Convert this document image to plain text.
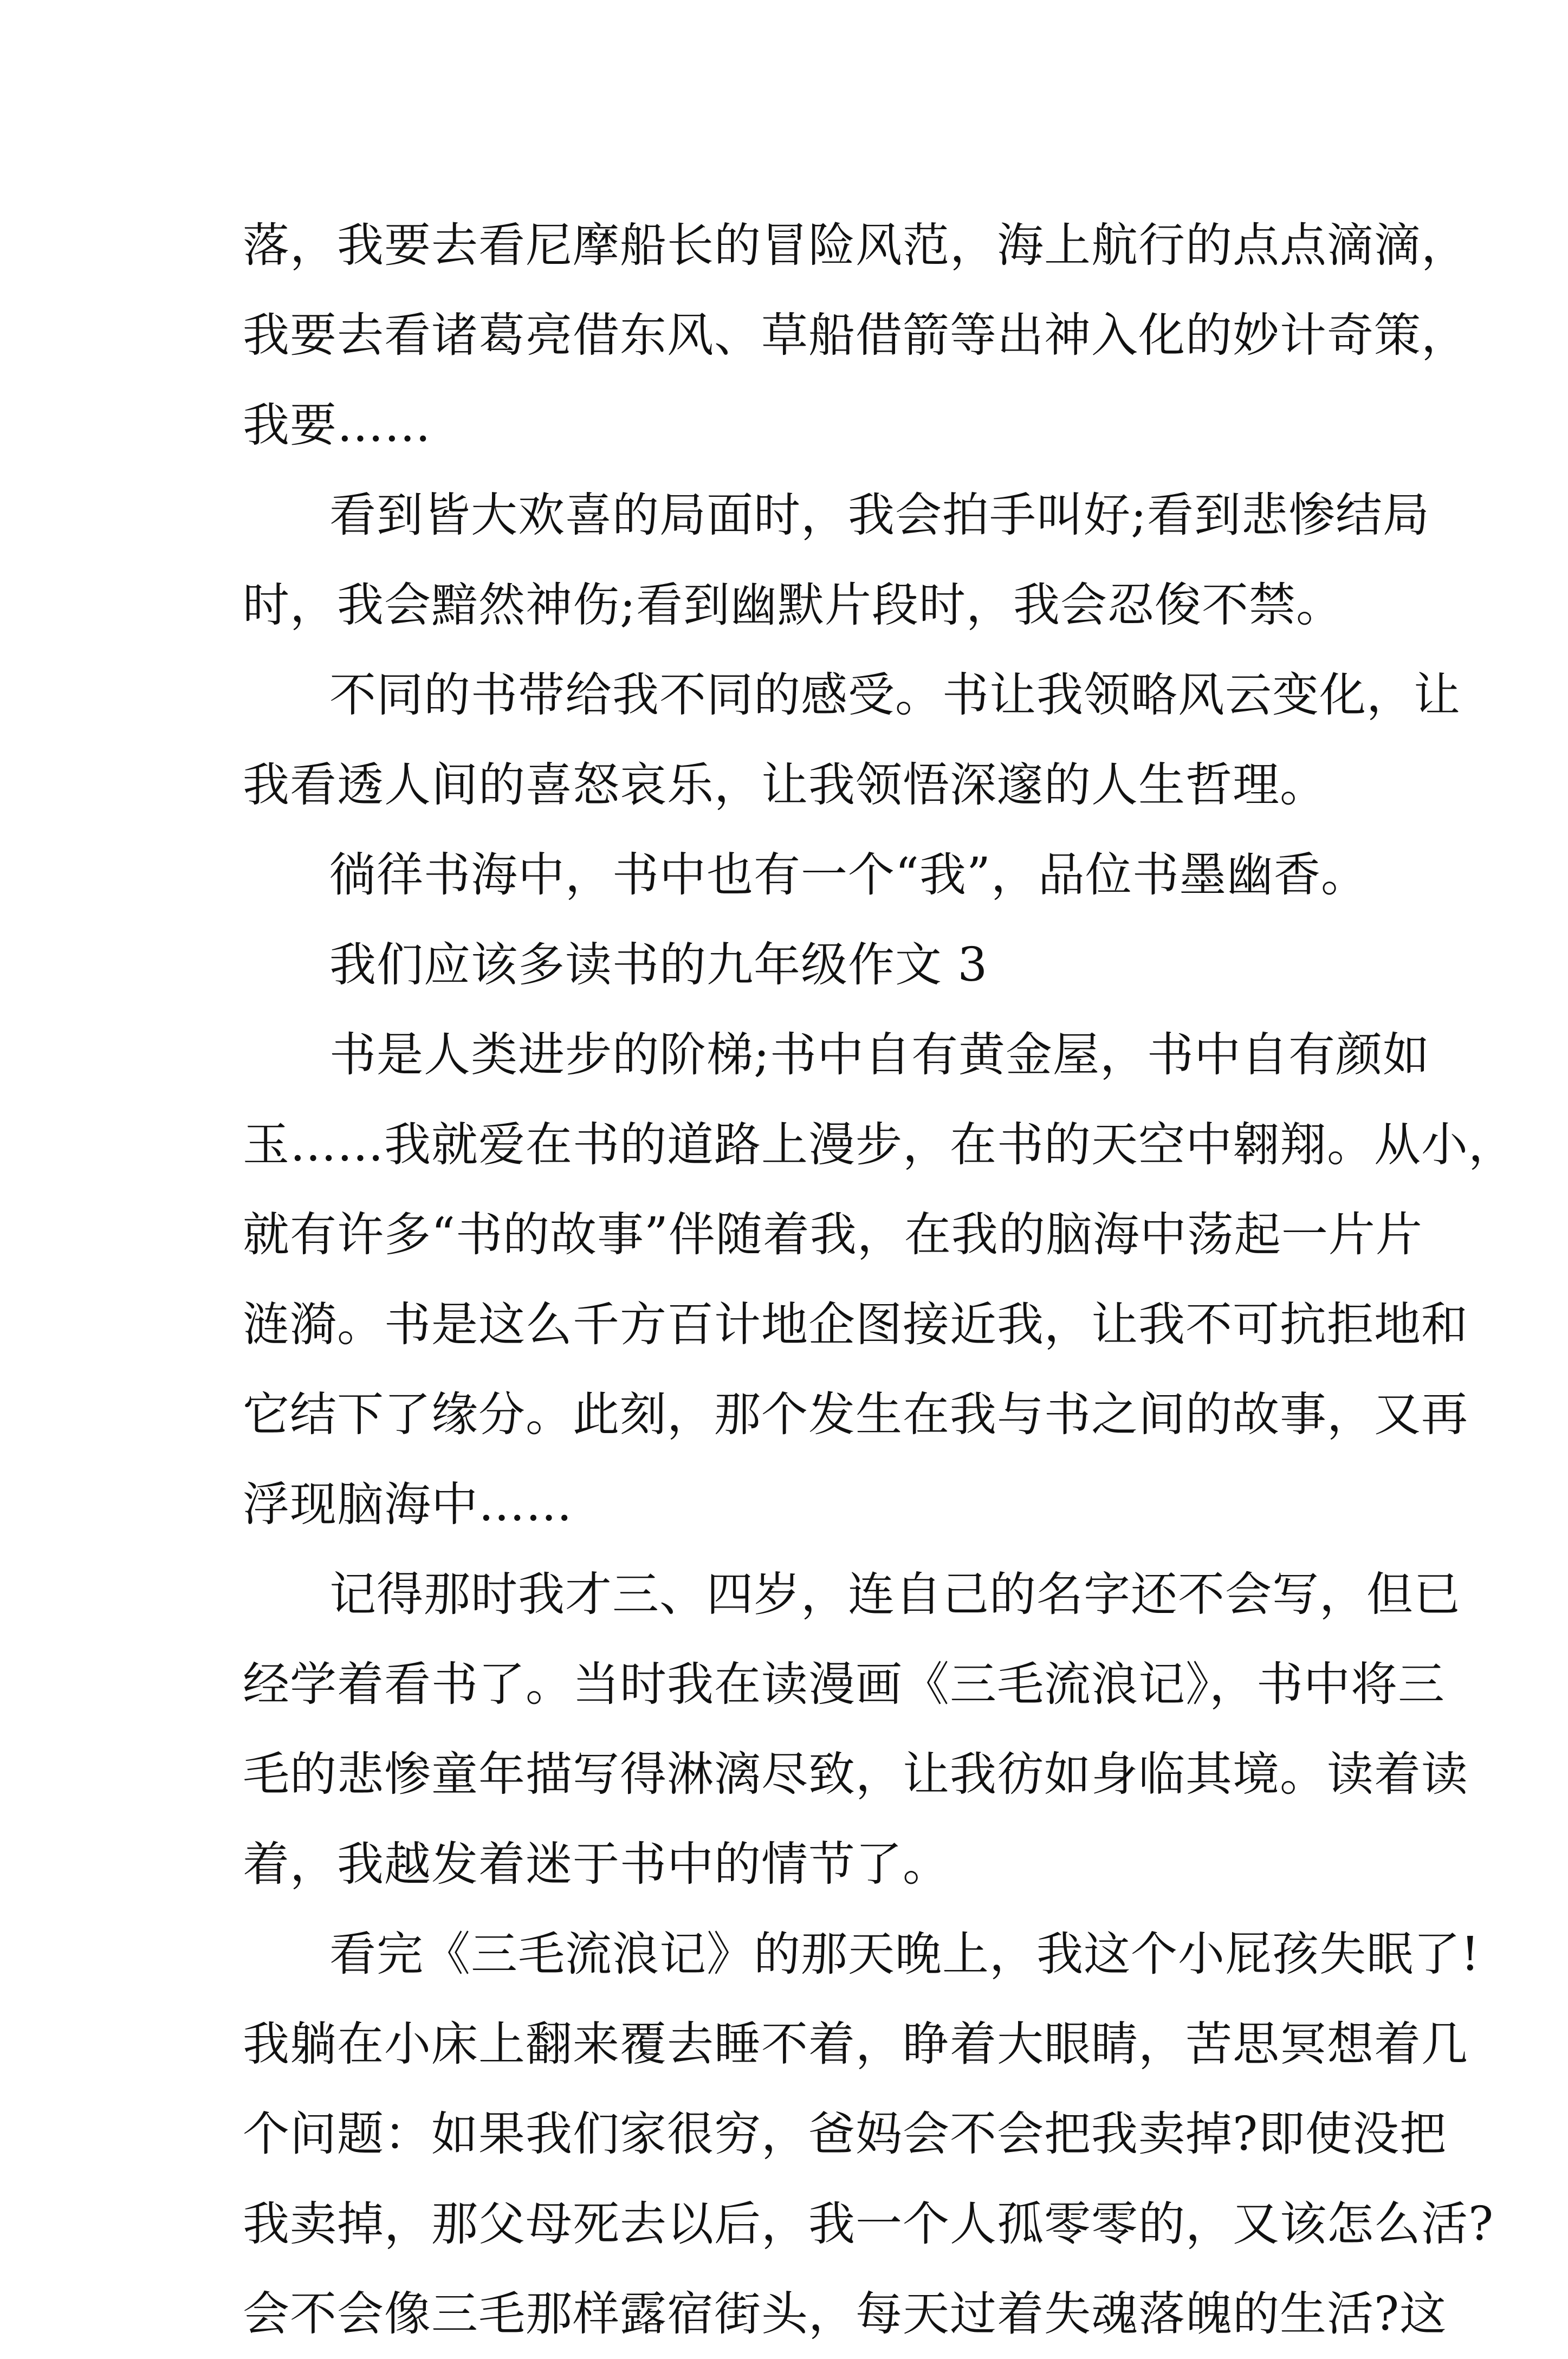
落，我要去看尼摩船长的冒险风范，海上航行的点点滴滴，
我要去看诸葛亮借东风、草船借箭等出神入化的妙计奇策，
我要……
看到皆大欢喜的局面时，我会拍手叫好;看到悲惨结局
时，我会黯然神伤;看到幽默片段时，我会忍俊不禁。
不同的书带给我不同的感受。书让我领略风云变化，让
我看透人间的喜怒哀乐，让我领悟深邃的人生哲理。
徜徉书海中，书中也有一个“我”，品位书墨幽香。
我们应该多读书的九年级作文 3
书是人类进步的阶梯;书中自有黄金屋，书中自有颜如
玉……我就爱在书的道路上漫步，在书的天空中翱翔。从小，
就有许多“书的故事”伴随着我，在我的脑海中荡起一片片
涟漪。书是这么千方百计地企图接近我，让我不可抗拒地和
它结下了缘分。此刻，那个发生在我与书之间的故事，又再
浮现脑海中……
记得那时我才三、四岁，连自己的名字还不会写，但已
经学着看书了。当时我在读漫画《三毛流浪记》，书中将三
毛的悲惨童年描写得淋漓尽致，让我彷如身临其境。读着读
着，我越发着迷于书中的情节了。
看完《三毛流浪记》的那天晚上，我这个小屁孩失眠了!
我躺在小床上翻来覆去睡不着，睁着大眼睛，苦思冥想着几
个问题：如果我们家很穷，爸妈会不会把我卖掉?即使没把
我卖掉，那父母死去以后，我一个人孤零零的，又该怎么活?
会不会像三毛那样露宿街头，每天过着失魂落魄的生活?这
